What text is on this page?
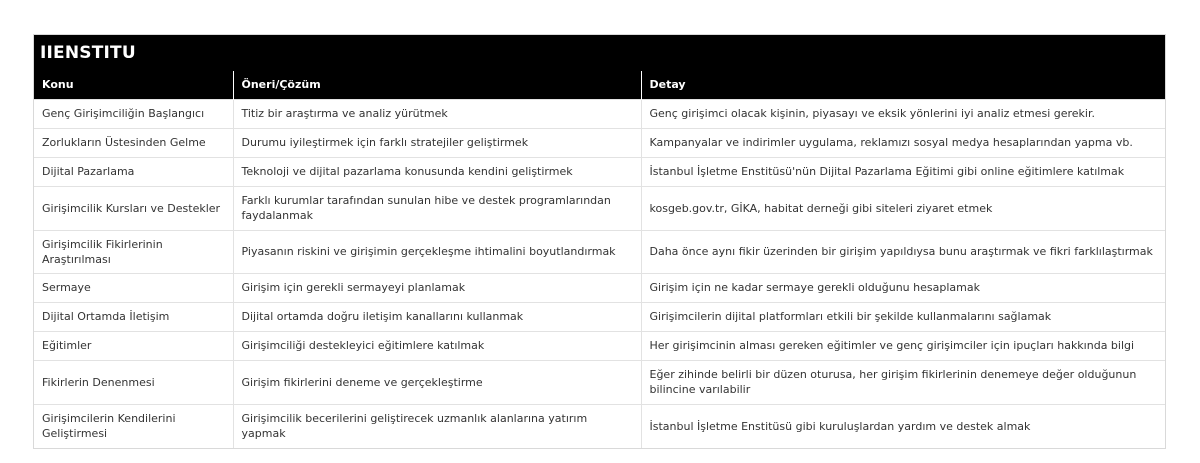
IIENSTITU
Konu	Öneri/Çözüm	Detay
Genç Girişimciliğin Başlangıcı	Titiz bir araştırma ve analiz yürütmek	Genç girişimci olacak kişinin, piyasayı ve eksik yönlerini iyi analiz etmesi gerekir.
Zorlukların Üstesinden Gelme	Durumu iyileştirmek için farklı stratejiler geliştirmek	Kampanyalar ve indirimler uygulama, reklamızı sosyal medya hesaplarından yapma vb.
Dijital Pazarlama	Teknoloji ve dijital pazarlama konusunda kendini geliştirmek	İstanbul İşletme Enstitüsü'nün Dijital Pazarlama Eğitimi gibi online eğitimlere katılmak
Girişimcilik Kursları ve Destekler	Farklı kurumlar tarafından sunulan hibe ve destek programlarından faydalanmak	kosgeb.gov.tr, GİKA, habitat derneği gibi siteleri ziyaret etmek
Girişimcilik Fikirlerinin Araştırılması	Piyasanın riskini ve girişimin gerçekleşme ihtimalini boyutlandırmak	Daha önce aynı fikir üzerinden bir girişim yapıldıysa bunu araştırmak ve fikri farklılaştırmak
Sermaye	Girişim için gerekli sermayeyi planlamak	Girişim için ne kadar sermaye gerekli olduğunu hesaplamak
Dijital Ortamda İletişim	Dijital ortamda doğru iletişim kanallarını kullanmak	Girişimcilerin dijital platformları etkili bir şekilde kullanmalarını sağlamak
Eğitimler	Girişimciliği destekleyici eğitimlere katılmak	Her girişimcinin alması gereken eğitimler ve genç girişimciler için ipuçları hakkında bilgi
Fikirlerin Denenmesi	Girişim fikirlerini deneme ve gerçekleştirme	Eğer zihinde belirli bir düzen oturusa, her girişim fikirlerinin denemeye değer olduğunun bilincine varılabilir
Girişimcilerin Kendilerini Geliştirmesi	Girişimcilik becerilerini geliştirecek uzmanlık alanlarına yatırım yapmak	İstanbul İşletme Enstitüsü gibi kuruluşlardan yardım ve destek almak
